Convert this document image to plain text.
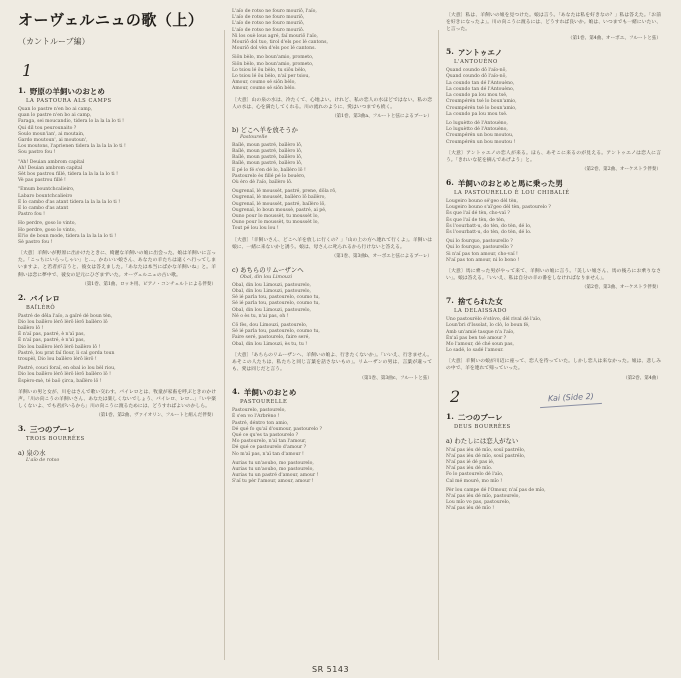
オーヴェルニュの歌（上）
（カントルーブ編）
1
1. 野原の羊飼いのおとめ
LA PASTOURA ALS CAMPS
Quan lo pastre n'en bo ai camp,
quan lo pastre n'en bo ai camp,
Faraga, sei moucandio, tidera lo la la la lo ti !
Qui dil tou peurounaito ?
Soulo moun'ian', ai moutain,
Gardo moutoun', ai moutoun',
Los moutons, l'aprienen tidera la la la la lo ti !
Sou pastro fou !
"Ah! Deuian ambrom capital
Ah! Deuian ambrom capital
Sèt bos pastrou fillé, tidera la la la la lo ti !
Vè pas pastrou fillé !
"Emum bountchcalieiro,
Labaro bountchcalieiro
E lo cambo d'as atant tidera la la la la lo ti !
E lo cambo d'as atant
Pastro fou !
Ho perdre, goso lo vinto,
Ho perdre, goso lo vinto,
El'io de boun mode, tidera la la la la lo ti !
Sè pastro fou !
〔大意〕羊飼いが野原に出かけたときに、綺麗な羊飼いの娘に出会った。娘は羊飼いに言った。「こっちにいらっしゃい」と…。かわいい娘さん、あなたの羊たちは遠くへ行ってしまいますよ、と若者が言うと、彼女は答えました。「あなたは本当にばかな羊飼いね」と。羊飼いは恋に夢中で、彼女の足元にひざまずいた。オーヴェルニュの古い歌。
（第1巻、第1曲、ロッキ用、ピアノ・コンチェルトによる伴奏）
2. バイレロ
BAÏLÈRÔ
Pastré de dêla l'aïo, a gaïré dé boun tèn,
Dio lou baïlèro lèrô lèrô lèrô baïlèro lô
baïlèro lô !
È n'aï pas, pastré, è n'aï pas,
È n'aï pas, pastré, è n'aï pas,
Dio lou baïlèro lèrô lèrô baïlèro lô !
Pastré, lou prat faï flour, li cal gorda toun
troupèl, Dio lou baïlèro lèrô lèrô !
Pastré, couci foraï, en obal io lou bèl riou,
Dio lou baïlèro lèrô lèrô lèrô baïlèro lô !
Èspèro-mè, té baô çirca, baïlèro lô !
羊飼いの男と女が、川をはさんで歌い交わす。バイレロとは、牧童が家畜を呼ぶときのかけ声。「川の向こうの羊飼いさん、あなたは楽しくないでしょう、バイレロ、レロ…」「いや楽しくないよ、でも君がいるから」川の向こうに渡るためには、どうすればよいのかしら。
（第1巻、第2曲、ヴァイオリン、フルートと組んだ伴奏）
3. 三つのブーレ
TROIS BOURRÉES
a) 泉の水
L'aïo de rotso
L'aïo de rotso ne fouro mouriô, l'aïo,
L'aïo de rotso ne fouro mouriô,
L'aïo de rotso ne fouro mouriô,
L'aïo de rotso ne fouro mouriô.
Ni los ouè lous agré, faï mouriô l'aïo,
Mouriô dol tuo, tirol d'els poc lé cantons,
Mouriô dol vèn d'els poc lé cantons.
Siôn bèlo, mo boun'amio, prometo,
Siôn bèlo, mo boun'amio, prometo,
Lo tsiou lé ôu bèlo, tu siôu bèlo,
Lo tsiou lé ôu bèlo, n'aï per tsiou,
Amour, coumo sé siôn bèlo,
Amour, coumo sé siôn bèlo.
〔大意〕山の泉の水は、冷たくて、心地よい。けれど、私の恋人の水ほどではない。私の恋人の水は、心を満たしてくれる。川の流れのように、愛はいつまでも続く。
（第1巻、第3曲a、フルートと弦によるブーレ）
b) どこへ羊を放そうか
Pastourelle
Baïlé, moun pastré, baïlèro lô,
Baïlé, moun pastré, baïlèro lô,
Baïlé, moun pastré, baïlèro lô,
Baïlé, moun pastré, baïlèro lô,
E pé lo fé s'en dé lo, baïlèro lô !
Pastourelo ès fillé pé lo bouèro,
Où èro dè l'aïo, baïlèro lô.
Ougrenaï, lé moussèt, pastré, prene, dôla rô,
Ougrenaï, lé moussèt, baïlèro lô baïlèro,
Ougrenaï, lé moussèt, pastré, baïlèro lô,
Ougrenaï, lo boun moussè, pastré, ai pé,
Ouno pour lo moussèt, tu moussèt lo,
Ouno pour lo moussèt, tu moussèt lo,
Tout pé lou lou lou !
〔大意〕「羊飼いさん、どこへ羊を放しに行くの？」「山の上の方へ連れて行くよ」。羊飼いは娘に、一緒に来ないかと誘う。娘は、母さんに叱られるから行けないと答える。
（第1巻、第3曲b、オーボエと弦によるブーレ）
c) あちらのリムーザンへ
Obal, din lou Limouzi
Obal, din lou Limouzi, pastourelo,
Obal, din lou Limouzi, pastourelo,
Sé ié parla tou, pastourelo, coumo tu,
Sé ié parla tou, pastourelo, coumo tu,
Obal, din lou Limouzi, pastourelo,
Né o ès tu, n'ai pas, oh !
Cô fès, dou Limouzi, pastourelo,
Sé ié parla tou, pastourelo, coumo tu,
Faire seré, pastourelo, faire seré,
Obal, din lou Limouzi, ès tu, tu !
〔大意〕「あちらのリムーザンへ、羊飼いの娘よ、行きたくないか」。「いいえ、行きません。あそこの人たちは、私たちと同じ言葉を話さないもの」。リムーザンの男は、言葉が違っても、愛は同じだと言う。
（第1巻、第3曲c、フルートと弦）
4. 羊飼いのおとめ
PASTOURELLE
Pastourelo, pastourelo,
É s'en vo l'Arbrèno !
Pastré, déntro ton amio,
Dé qué fo qu'aï d'oumour, pastourelo ?
Qué ce qu'es ta pastourelo ?
Mo pastourelo, n'aï tan l'amour,
Dé qué ce pastourelo d'amour ?
No m'aï pas, n'aï tan d'amour !
Aurias tu un'aoubo, mo pastourelo,
Aurias tu un'aoubo, mo pastourelo,
Aurias tu un pastré d'amour, amour !
S'aï tu pèr l'amour, amour, amour !
〔大意〕私は、羊飼いの娘を見つけた。娘は言う。「あなたは私を好きなの？」私は答えた。「お前を好きになったよ」。川の向こうに渡るには、どうすれば良いか。娘は、いつまでも一緒にいたい、と言った。
（第1巻、第4曲、オーボエ、フルートと弦）
5. アントゥエノ
L'ANTOUÈNO
Quand coundo dô l'aïo-nô,
Quand coundo dô l'aïo-nô,
La coundo tan dé l'Antouèno,
La coundo tan dé l'Antouèno,
La coundo pa lou mou tsé,
Croumpérén tsé lo boun'amio,
Croumpérén tsé lo boun'amio,
La coundo pa lou mou tsé.
Lo luguètto dé l'Antouèno,
Lo luguètto dé l'Antouèno,
Croumpérén un bou moutou,
Croumpérén un bou moutou !
〔大意〕アントゥエノの恋人が来る。ほら、あそこに来るのが見える。アントゥエノは恋人に言う。「きれいな花を摘んであげよう」と。
（第2巻、第2曲、オーケストラ伴奏）
6. 羊飼いのおとめと馬に乗った男
LA PASTOURELLO È LOU CHIBALIÉ
Lougeiro bouno sé'geo dèl tèn,
Lougeiro bouno s'aï'geo dèl tèn, pastourelo ?
Ès que l'aï dé tèn, cho-vaï ?
Ès que l'aï de tèn, de tèn,
Ès l'oourbatt-u, do tèn, do tèn, dé lo,
És l'oourbatt-u, do tèn, do tèn, dé lo.
Qui lo fourquo, pastourello ?
Qui lo fourquo, pastourello ?
Si n'aï pas ton amour, cho-vaï !
N'aï pas ton amour, ni lo bono !
〔大意〕馬に乗った男がやって来て、羊飼いの娘に言う。「美しい娘さん、馬の後ろにお乗りなさい」。娘は答える。「いいえ、私は自分の羊の番をしなければなりません」。
（第2巻、第3曲、オーケストラ伴奏）
7. 捨てられた女
LA DELAISSADO
Uno pastourèlo é'stòvo, dèl rival dé l'aïo,
Loun'bri d'Issolat, lo clò, lo boun fé,
Amb un'amié tasque n'a l'aïo,
Èn'aï pas ben tsé amour ?
Mo l'amour, dé ché soun pas,
Lo sadé, lo sadé l'amour.
〔大意〕羊飼いの娘が川辺に座って、恋人を待っていた。しかし恋人は来なかった。娘は、悲しみの中で、羊を連れて帰っていった。
（第2巻、第4曲）
2
1. 二つのブーレ
DEUS BOURRÈES
a) わたしには恋人がない
N'aï pas iéu dé mîo, souï pastrélo,
N'aï pas iéu dé mîo, souï pastrélo,
N'aï pas ié dé pas ié,
N'aï pas iéu dé mîo.
Fo lo pastourelo dé l'aïo,
Cal mé mouré, mo mîo !
Pèr lou campe dé l'Omour, n'aï pas de mîo,
N'aï pas iéu dé mîo, pastourelo,
Lou mîo vo pas, pastourelo,
N'aï pas iéu dé mîo !
Kai (Side 2)
SR 5143
